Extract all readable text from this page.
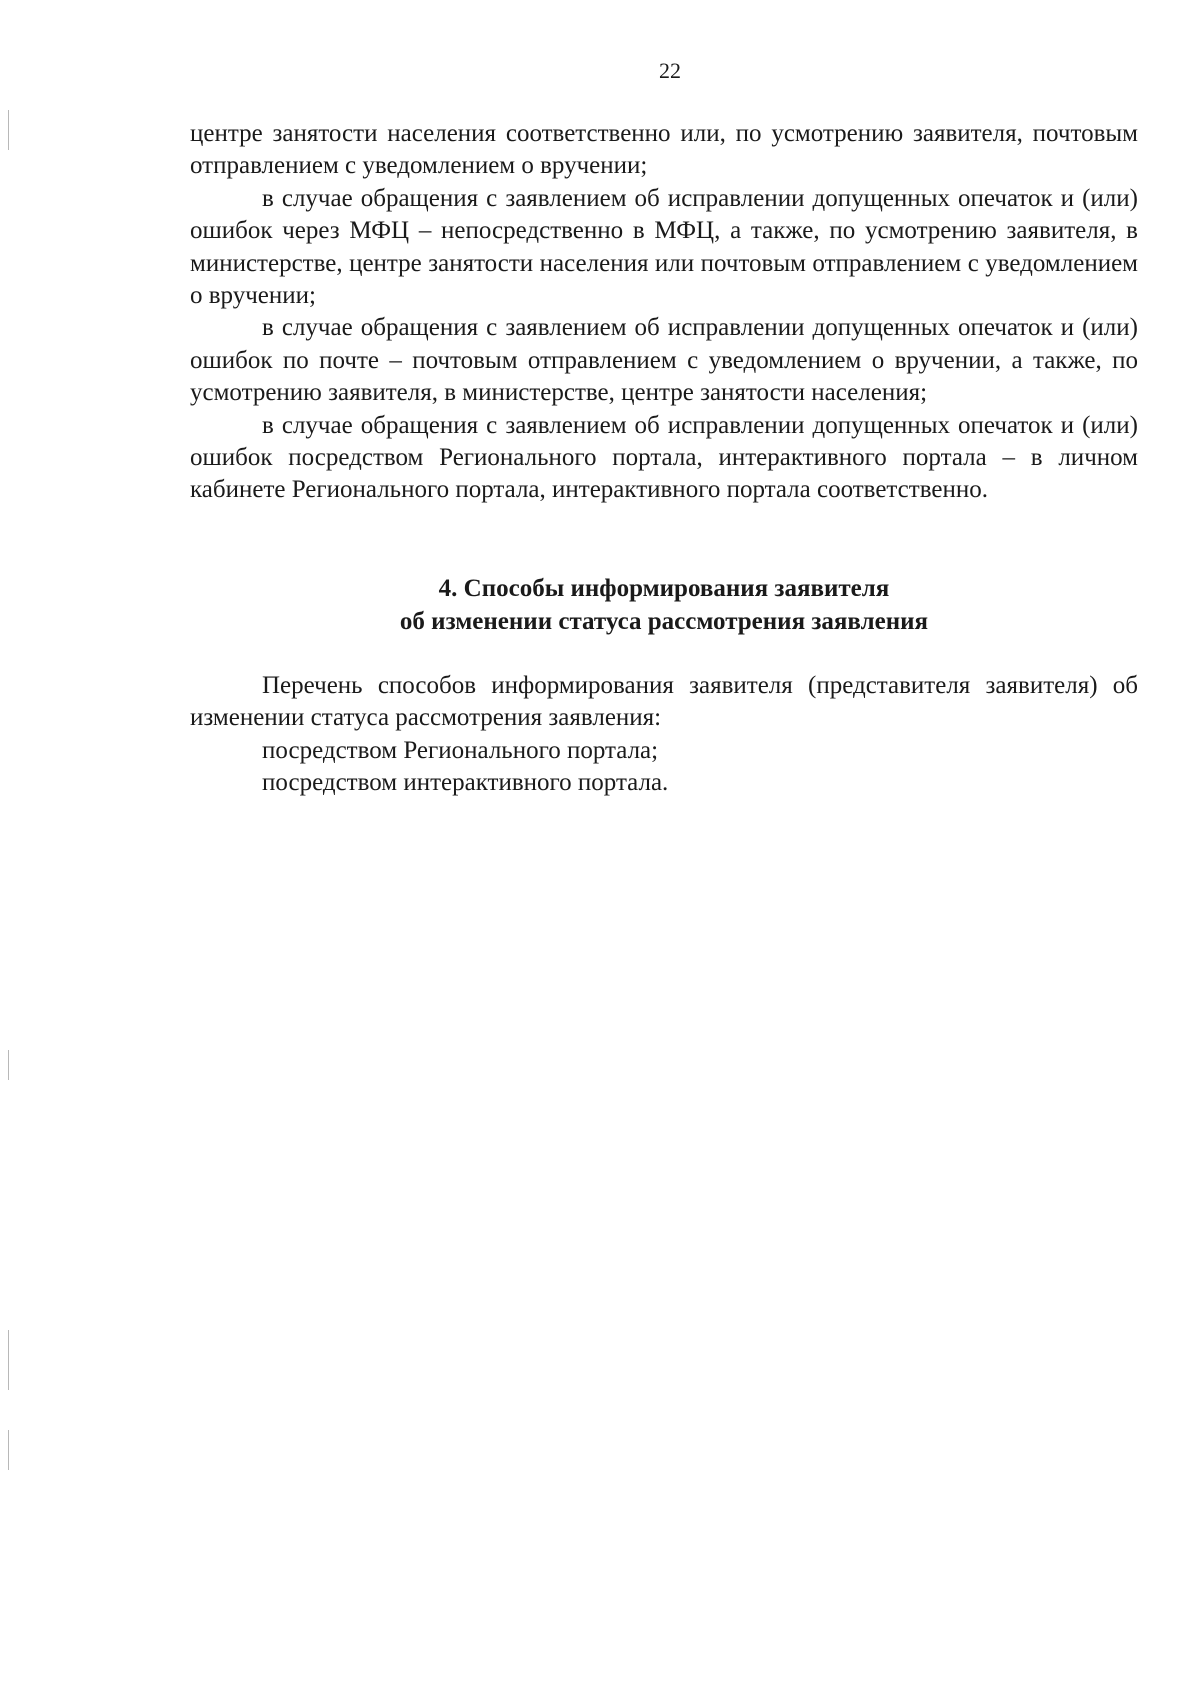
22

центре занятости населения соответственно или, по усмотрению заявителя, почтовым отправлением с уведомлением о вручении;

в случае обращения с заявлением об исправлении допущенных опечаток и (или) ошибок через МФЦ – непосредственно в МФЦ, а также, по усмотрению заявителя, в министерстве, центре занятости населения или почтовым отправлением с уведомлением о вручении;

в случае обращения с заявлением об исправлении допущенных опечаток и (или) ошибок по почте – почтовым отправлением с уведомлением о вручении, а также, по усмотрению заявителя, в министерстве, центре занятости населения;

в случае обращения с заявлением об исправлении допущенных опечаток и (или) ошибок посредством Регионального портала, интерактивного портала – в личном кабинете Регионального портала, интерактивного портала соответственно.

4. Способы информирования заявителя
об изменении статуса рассмотрения заявления

Перечень способов информирования заявителя (представителя заявителя) об изменении статуса рассмотрения заявления:

посредством Регионального портала;

посредством интерактивного портала.
